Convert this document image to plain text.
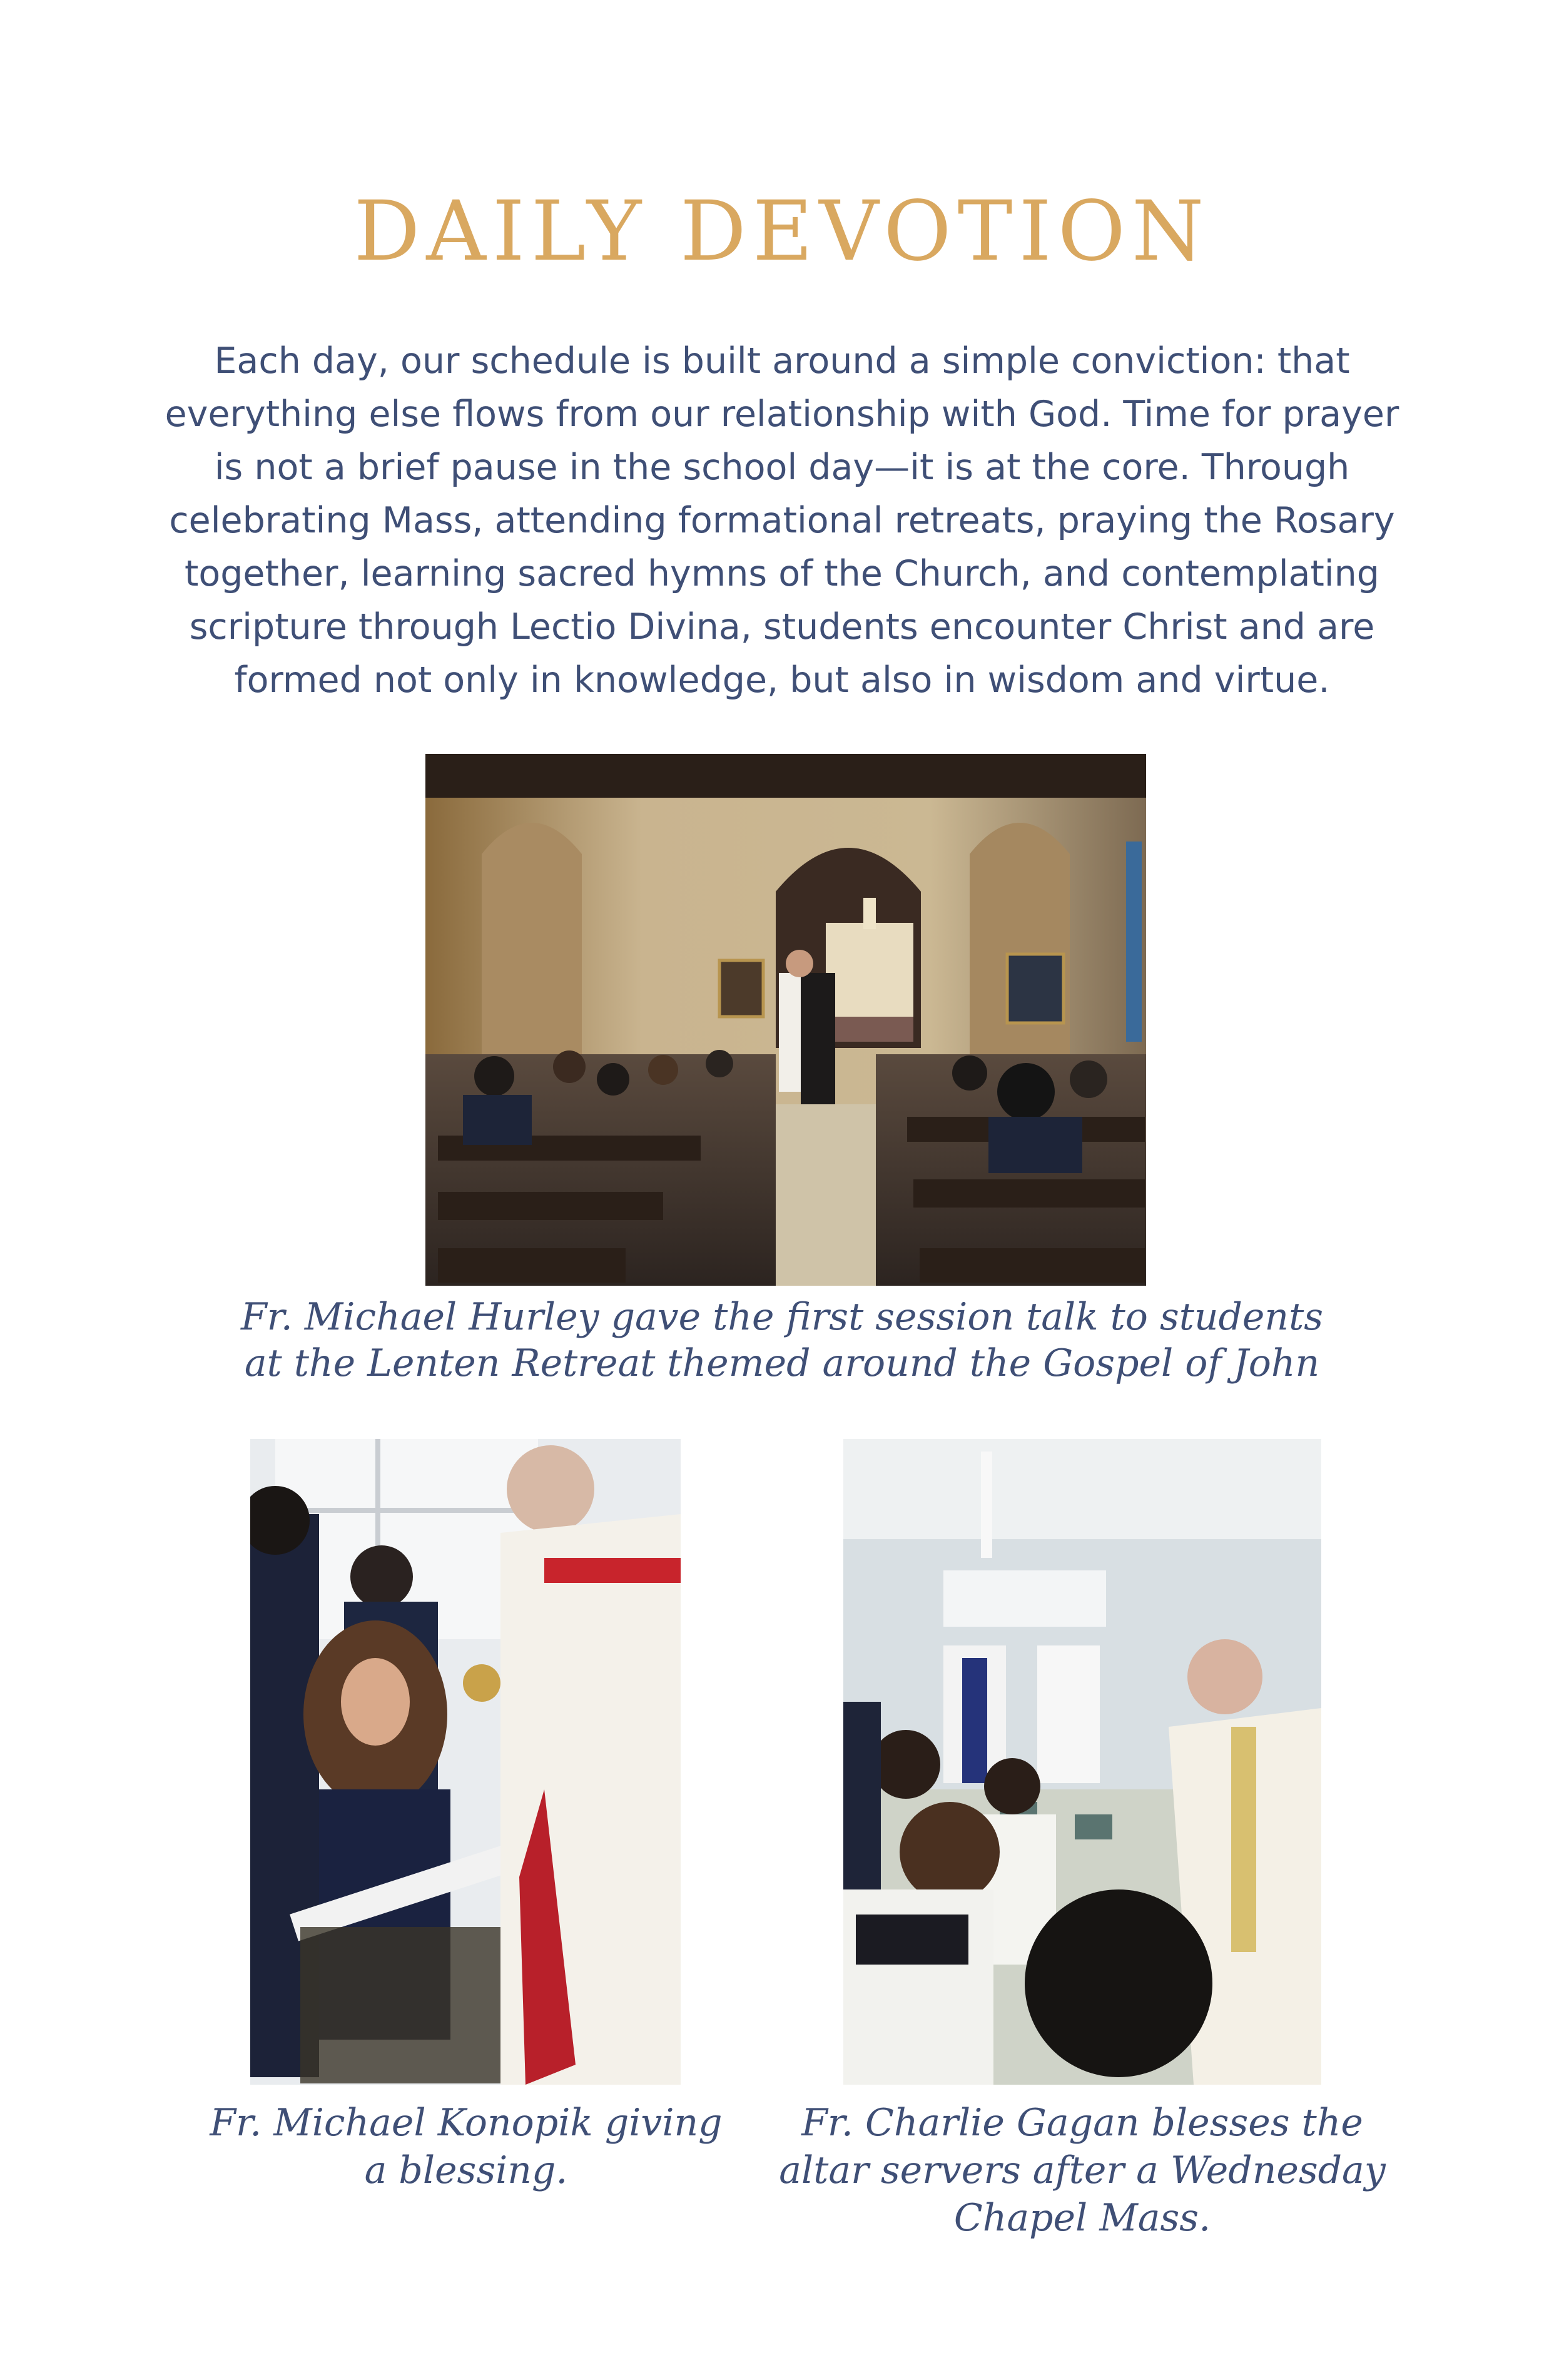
DAILY DEVOTION

Each day, our schedule is built around a simple conviction: that everything else flows from our relationship with God. Time for prayer is not a brief pause in the school day—it is at the core. Through celebrating Mass, attending formational retreats, praying the Rosary together, learning sacred hymns of the Church, and contemplating scripture through Lectio Divina, students encounter Christ and are formed not only in knowledge, but also in wisdom and virtue.

Fr. Michael Hurley gave the first session talk to students at the Lenten Retreat themed around the Gospel of John

Fr. Michael Konopik giving a blessing.

Fr. Charlie Gagan blesses the altar servers after a Wednesday Chapel Mass.
